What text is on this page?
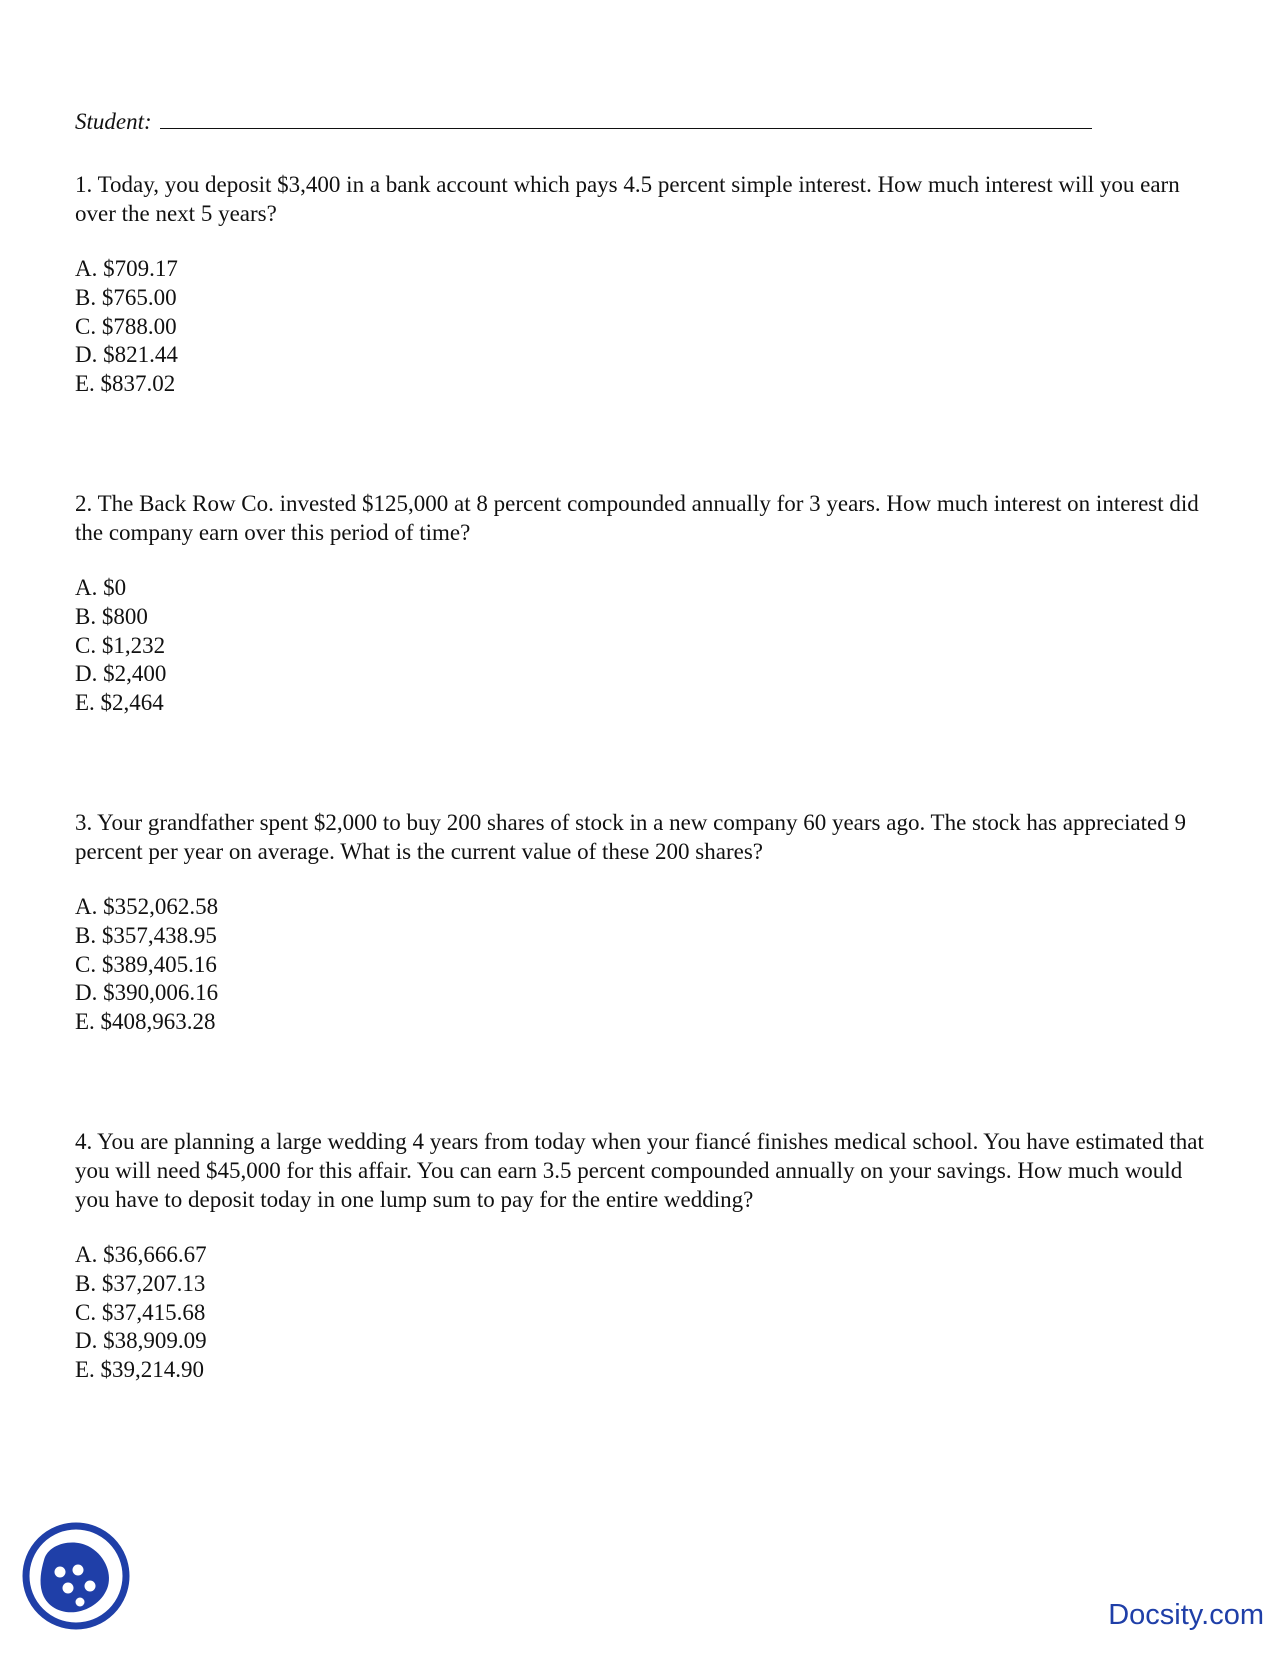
Student:

1. Today, you deposit $3,400 in a bank account which pays 4.5 percent simple interest. How much interest will you earn over the next 5 years?

A. $709.17
B. $765.00
C. $788.00
D. $821.44
E. $837.02

2. The Back Row Co. invested $125,000 at 8 percent compounded annually for 3 years. How much interest on interest did the company earn over this period of time?

A. $0
B. $800
C. $1,232
D. $2,400
E. $2,464

3. Your grandfather spent $2,000 to buy 200 shares of stock in a new company 60 years ago. The stock has appreciated 9 percent per year on average. What is the current value of these 200 shares?

A. $352,062.58
B. $357,438.95
C. $389,405.16
D. $390,006.16
E. $408,963.28

4. You are planning a large wedding 4 years from today when your fiancé finishes medical school. You have estimated that you will need $45,000 for this affair. You can earn 3.5 percent compounded annually on your savings. How much would you have to deposit today in one lump sum to pay for the entire wedding?

A. $36,666.67
B. $37,207.13
C. $37,415.68
D. $38,909.09
E. $39,214.90
Docsity.com
